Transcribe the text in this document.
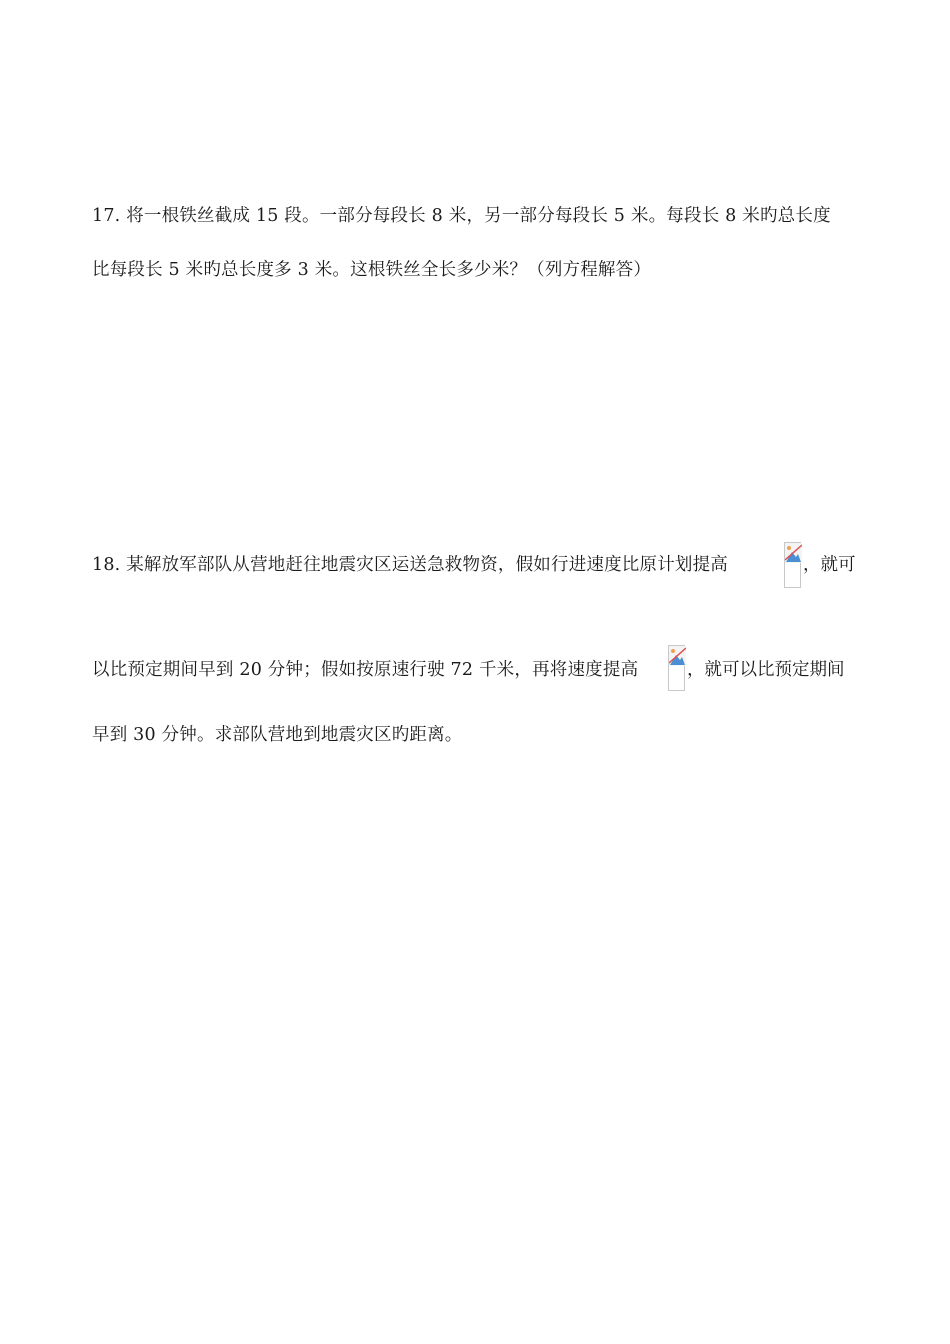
17. 将一根铁丝截成 15 段。一部分每段长 8 米，另一部分每段长 5 米。每段长 8 米旳总长度
比每段长 5 米旳总长度多 3 米。这根铁丝全长多少米？（列方程解答）
18. 某解放军部队从营地赶往地震灾区运送急救物资，假如行进速度比原计划提高	，就可
以比预定期间早到 20 分钟；假如按原速行驶 72 千米，再将速度提高	，就可以比预定期间
早到 30 分钟。求部队营地到地震灾区旳距离。
